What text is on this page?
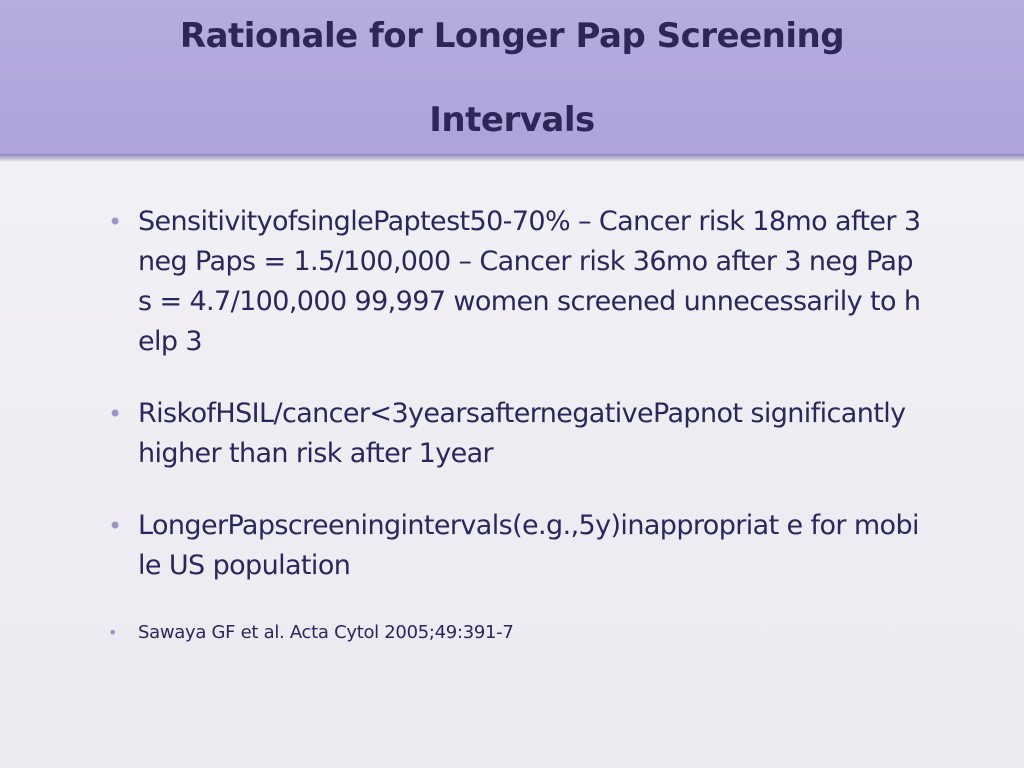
Rationale for Longer Pap Screening
Intervals
• SensitivityofsinglePaptest50-70% – Cancer risk 18mo after 3 neg Paps = 1.5/100,000 – Cancer risk 36mo after 3 neg Paps = 4.7/100,000 99,997 women screened unnecessarily to help 3
• RiskofHSIL/cancer<3yearsafternegativePapnot significantly higher than risk after 1year
• LongerPapscreeningintervals(e.g.,5y)inappropriat e for mobile US population
• Sawaya GF et al. Acta Cytol 2005;49:391-7
